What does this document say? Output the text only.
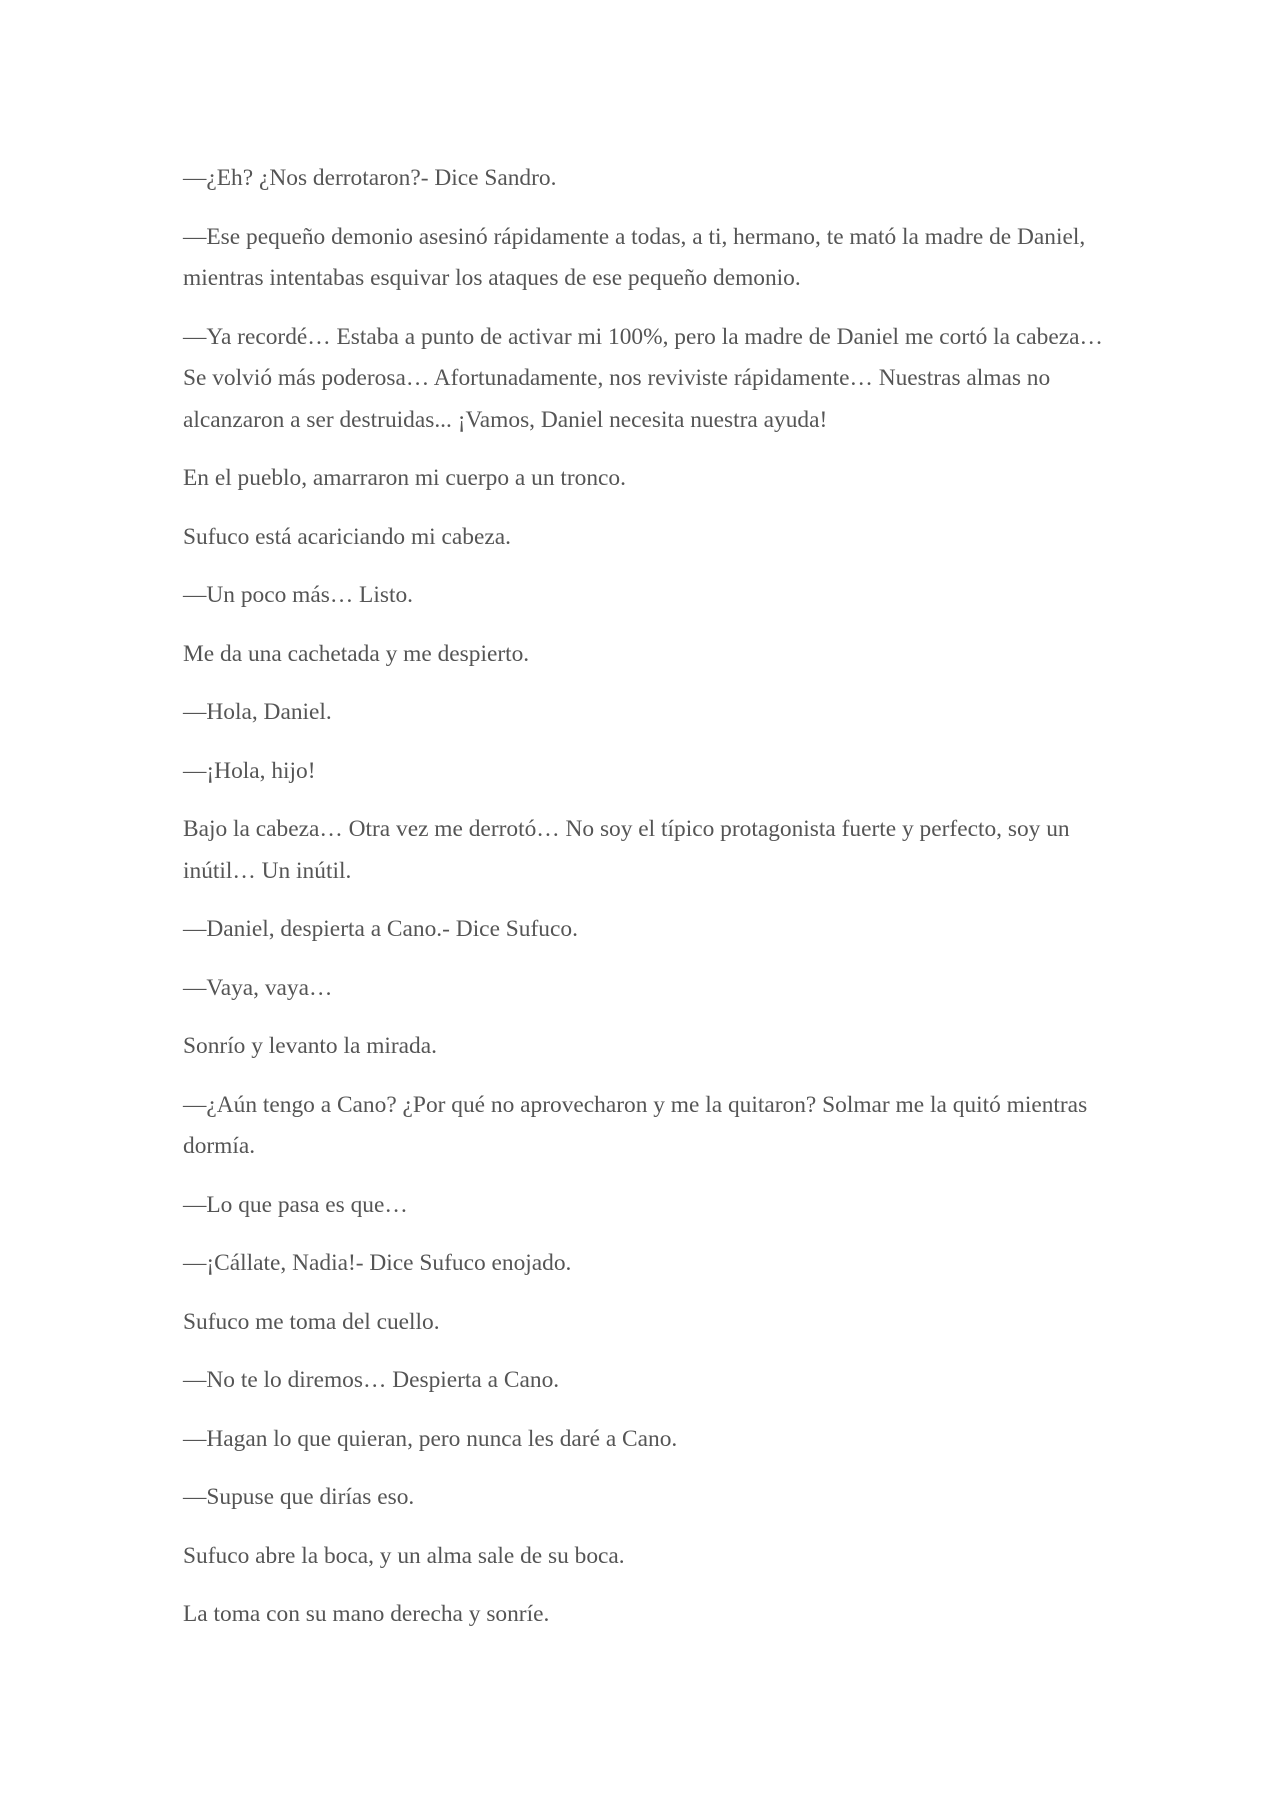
—¿Eh? ¿Nos derrotaron?- Dice Sandro.

—Ese pequeño demonio asesinó rápidamente a todas, a ti, hermano, te mató la madre de Daniel, mientras intentabas esquivar los ataques de ese pequeño demonio.

—Ya recordé… Estaba a punto de activar mi 100%, pero la madre de Daniel me cortó la cabeza… Se volvió más poderosa… Afortunadamente, nos reviviste rápidamente… Nuestras almas no alcanzaron a ser destruidas... ¡Vamos, Daniel necesita nuestra ayuda!

En el pueblo, amarraron mi cuerpo a un tronco.

Sufuco está acariciando mi cabeza.

—Un poco más… Listo.

Me da una cachetada y me despierto.

—Hola, Daniel.

—¡Hola, hijo!

Bajo la cabeza… Otra vez me derrotó… No soy el típico protagonista fuerte y perfecto, soy un inútil… Un inútil.

—Daniel, despierta a Cano.- Dice Sufuco.

—Vaya, vaya…

Sonrío y levanto la mirada.

—¿Aún tengo a Cano? ¿Por qué no aprovecharon y me la quitaron? Solmar me la quitó mientras dormía.

—Lo que pasa es que…

—¡Cállate, Nadia!- Dice Sufuco enojado.

Sufuco me toma del cuello.

—No te lo diremos… Despierta a Cano.

—Hagan lo que quieran, pero nunca les daré a Cano.

—Supuse que dirías eso.

Sufuco abre la boca, y un alma sale de su boca.

La toma con su mano derecha y sonríe.
